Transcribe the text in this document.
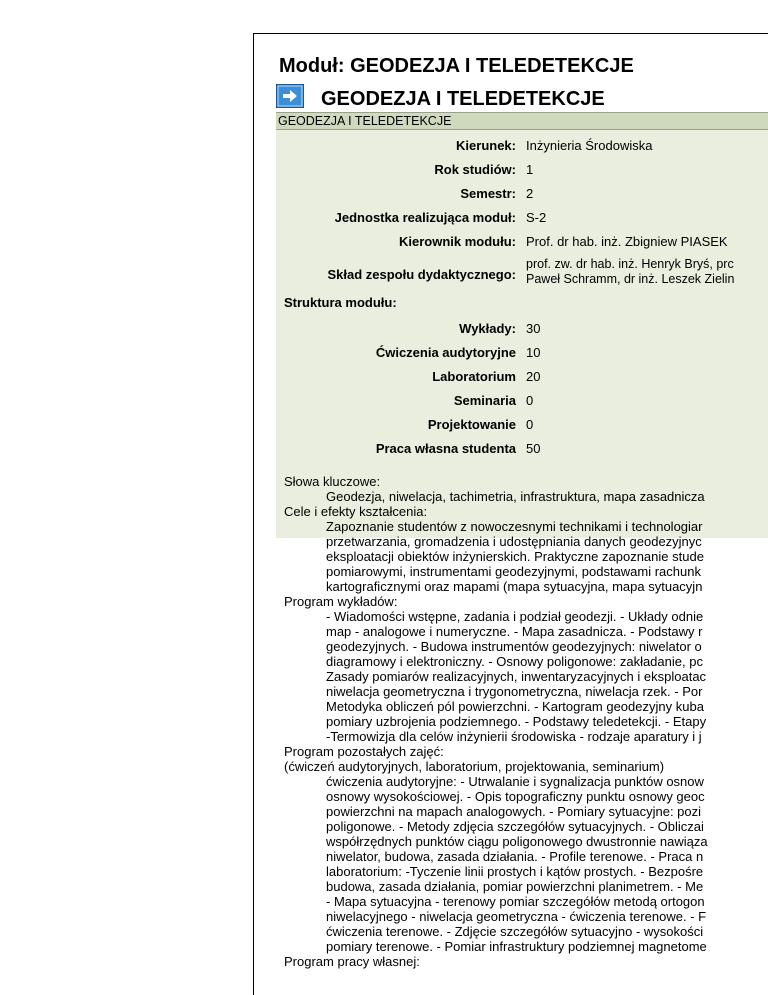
Moduł: GEODEZJA I TELEDETEKCJE
GEODEZJA I TELEDETEKCJE
GEODEZJA I TELEDETEKCJE
Kierunek: Inżynieria Środowiska
Rok studiów: 1
Semestr: 2
Jednostka realizująca moduł: S-2
Kierownik modułu: Prof. dr hab. inż. Zbigniew PIASEK
Skład zespołu dydaktycznego:
prof. zw. dr hab. inż. Henryk Bryś, prc
Paweł Schramm, dr inż. Leszek Zielin
Struktura modułu:
Wykłady: 30
Ćwiczenia audytoryjne 10
Laboratorium 20
Seminaria 0
Projektowanie 0
Praca własna studenta 50
Słowa kluczowe:
Geodezja, niwelacja, tachimetria, infrastruktura, mapa zasadnicza
Cele i efekty kształcenia:
Zapoznanie studentów z nowoczesnymi technikami i technologiar
przetwarzania, gromadzenia i udostępniania danych geodezyjnyc
eksploatacji obiektów inżynierskich. Praktyczne zapoznanie stude
pomiarowymi, instrumentami geodezyjnymi, podstawami rachunk
kartograficznymi oraz mapami (mapa sytuacyjna, mapa sytuacyjn
Program wykładów:
- Wiadomości wstępne, zadania i podział geodezji. - Układy odnie
map - analogowe i numeryczne. - Mapa zasadnicza. - Podstawy r
geodezyjnych. - Budowa instrumentów geodezyjnych: niwelator o
diagramowy i elektroniczny. - Osnowy poligonowe: zakładanie, pc
Zasady pomiarów realizacyjnych, inwentaryzacyjnych i eksploatac
niwelacja geometryczna i trygonometryczna, niwelacja rzek. - Por
Metodyka obliczeń pól powierzchni. - Kartogram geodezyjny kuba
pomiary uzbrojenia podziemnego. - Podstawy teledetekcji. - Etapy
-Termowizja dla celów inżynierii środowiska - rodzaje aparatury i j
Program pozostałych zajęć:
(ćwiczeń audytoryjnych, laboratorium, projektowania, seminarium)
ćwiczenia audytoryjne: - Utrwalanie i sygnalizacja punktów osnow
osnowy wysokościowej. - Opis topograficzny punktu osnowy geoc
powierzchni na mapach analogowych. - Pomiary sytuacyjne: pozi
poligonowe. - Metody zdjęcia szczegółów sytuacyjnych. - Obliczai
współrzędnych punktów ciągu poligonowego dwustronnie nawiąza
niwelator, budowa, zasada działania. - Profile terenowe. - Praca n
laboratorium: -Tyczenie linii prostych i kątów prostych. - Bezpośre
budowa, zasada działania, pomiar powierzchni planimetrem. - Me
- Mapa sytuacyjna - terenowy pomiar szczegółów metodą ortogon
niwelacyjnego - niwelacja geometryczna - ćwiczenia terenowe. - F
ćwiczenia terenowe. - Zdjęcie szczegółów sytuacyjno - wysokości
pomiary terenowe. - Pomiar infrastruktury podziemnej magnetome
Program pracy własnej:
